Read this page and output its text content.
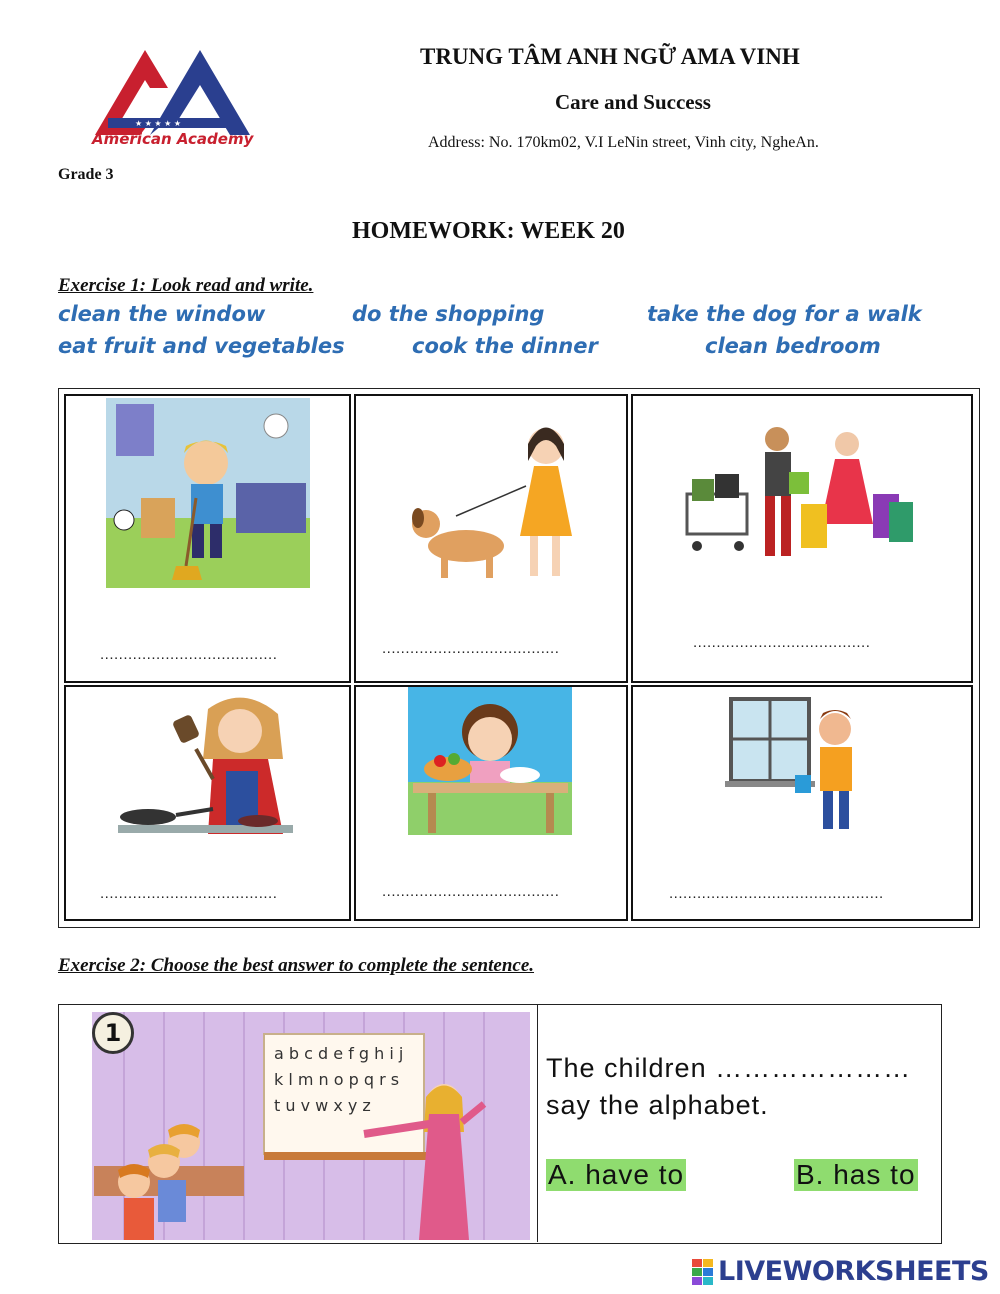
★ ★ ★ ★ ★
American Academy
TRUNG TÂM ANH NGỮ AMA VINH
Care and Success
Address: No. 170km02, V.I LeNin street, Vinh city, NgheAn.
Grade 3
HOMEWORK: WEEK 20
Exercise 1: Look read and write.
clean the window	do the shopping	take the dog for a walk
eat fruit and vegetables	cook the dinner	clean bedroom
......................................	......................................	......................................
......................................	......................................	..............................................
Exercise 2: Choose the best answer to complete the sentence.
1
a b c d e f g h i j
k l m n o p q r s
t u v w x y z
The children …………………
say the alphabet.
A. have to	B. has to
LIVEWORKSHEETS
